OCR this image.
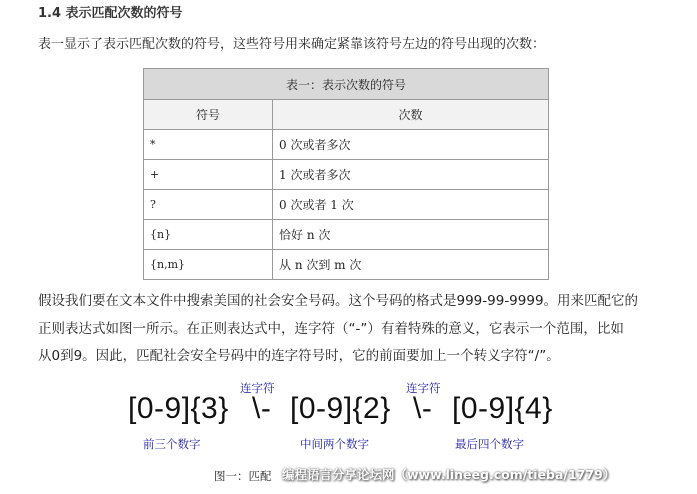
1.4 表示匹配次数的符号
表一显示了表示匹配次数的符号，这些符号用来确定紧靠该符号左边的符号出现的次数：
表一：表示次数的符号	
符号	次数
*	0 次或者多次
+	1 次或者多次
?	0 次或者 1 次
{n}	恰好 n 次
{n,m}	从 n 次到 m 次

假设我们要在文本文件中搜索美国的社会安全号码。这个号码的格式是999-99-9999。用来匹配它的

正则表达式如图一所示。在正则表达式中，连字符（“-”）有着特殊的意义，它表示一个范围，比如

从0到9。因此，匹配社会安全号码中的连字符号时，它的前面要加上一个转义字符“/”。

连字符	连字符
[0-9]{3} \- [0-9]{2} \- [0-9]{4}
前三个数字	中间两个数字	最后四个数字
图一：匹配 编程语言分享论坛网（www.lineeg.com/tieba/1779）
